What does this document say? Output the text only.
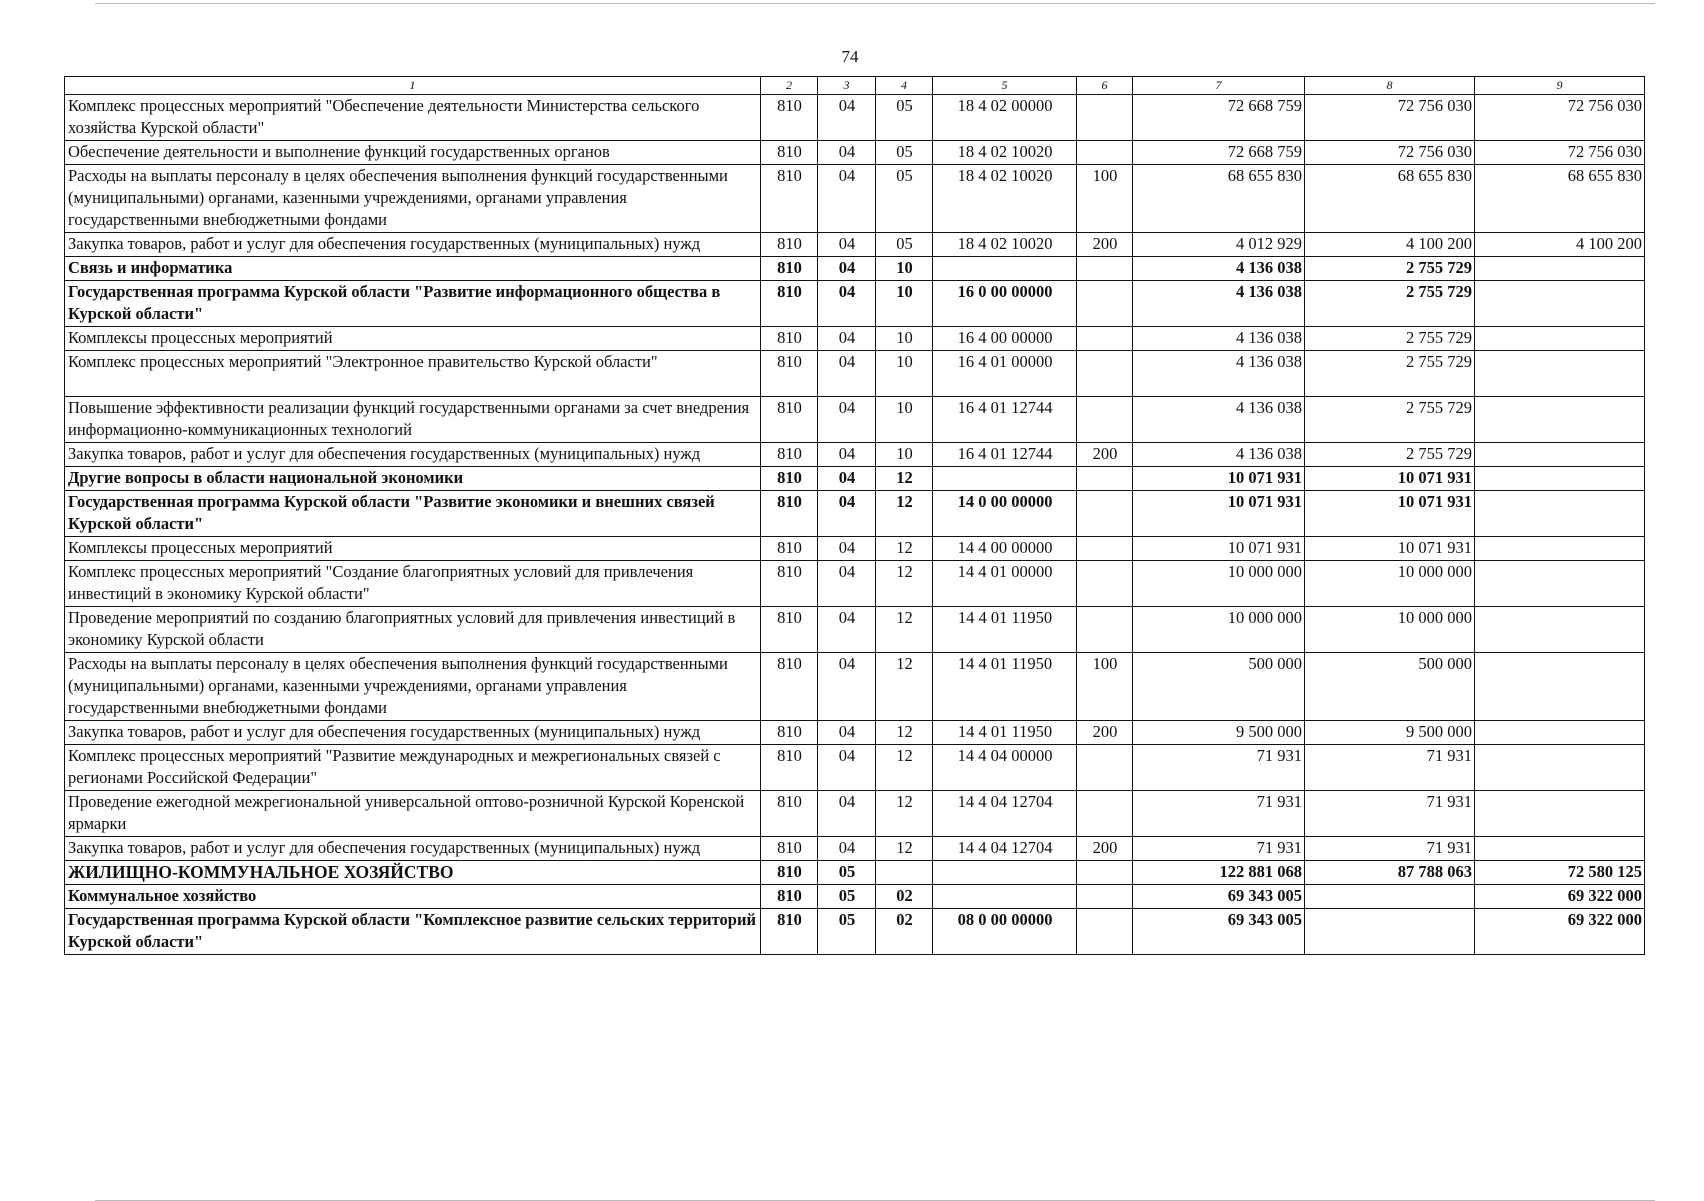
74
1	2	3	4	5	6	7	8	9
Комплекс процессных мероприятий "Обеспечение деятельности Министерства сельского хозяйства Курской области"	810	04	05	18 4 02 00000		72 668 759	72 756 030	72 756 030
Обеспечение деятельности и выполнение функций государственных органов	810	04	05	18 4 02 10020		72 668 759	72 756 030	72 756 030
Расходы на выплаты персоналу в целях обеспечения выполнения функций государственными (муниципальными) органами, казенными учреждениями, органами управления государственными внебюджетными фондами	810	04	05	18 4 02 10020	100	68 655 830	68 655 830	68 655 830
Закупка товаров, работ и услуг для обеспечения государственных (муниципальных) нужд	810	04	05	18 4 02 10020	200	4 012 929	4 100 200	4 100 200
Связь и информатика	810	04	10			4 136 038	2 755 729	
Государственная программа Курской области "Развитие информационного общества в Курской области"	810	04	10	16 0 00 00000		4 136 038	2 755 729	
Комплексы процессных мероприятий	810	04	10	16 4 00 00000		4 136 038	2 755 729	
Комплекс процессных мероприятий "Электронное правительство Курской области"	810	04	10	16 4 01 00000		4 136 038	2 755 729	
Повышение эффективности реализации функций государственными органами за счет внедрения информационно-коммуникационных технологий	810	04	10	16 4 01 12744		4 136 038	2 755 729	
Закупка товаров, работ и услуг для обеспечения государственных (муниципальных) нужд	810	04	10	16 4 01 12744	200	4 136 038	2 755 729	
Другие вопросы в области национальной экономики	810	04	12			10 071 931	10 071 931	
Государственная программа Курской области "Развитие экономики и внешних связей Курской области"	810	04	12	14 0 00 00000		10 071 931	10 071 931	
Комплексы процессных мероприятий	810	04	12	14 4 00 00000		10 071 931	10 071 931	
Комплекс процессных мероприятий "Создание благоприятных условий для привлечения инвестиций в экономику Курской области"	810	04	12	14 4 01 00000		10 000 000	10 000 000	
Проведение мероприятий по созданию благоприятных условий для привлечения инвестиций в экономику Курской области	810	04	12	14 4 01 11950		10 000 000	10 000 000	
Расходы на выплаты персоналу в целях обеспечения выполнения функций государственными (муниципальными) органами, казенными учреждениями, органами управления государственными внебюджетными фондами	810	04	12	14 4 01 11950	100	500 000	500 000	
Закупка товаров, работ и услуг для обеспечения государственных (муниципальных) нужд	810	04	12	14 4 01 11950	200	9 500 000	9 500 000	
Комплекс процессных мероприятий "Развитие международных и межрегиональных связей с регионами Российской Федерации"	810	04	12	14 4 04 00000		71 931	71 931	
Проведение ежегодной межрегиональной универсальной оптово-розничной Курской Коренской ярмарки	810	04	12	14 4 04 12704		71 931	71 931	
Закупка товаров, работ и услуг для обеспечения государственных (муниципальных) нужд	810	04	12	14 4 04 12704	200	71 931	71 931	
ЖИЛИЩНО-КОММУНАЛЬНОЕ ХОЗЯЙСТВО	810	05				122 881 068	87 788 063	72 580 125
Коммунальное хозяйство	810	05	02			69 343 005		69 322 000
Государственная программа Курской области "Комплексное развитие сельских территорий Курской области"	810	05	02	08 0 00 00000		69 343 005		69 322 000
